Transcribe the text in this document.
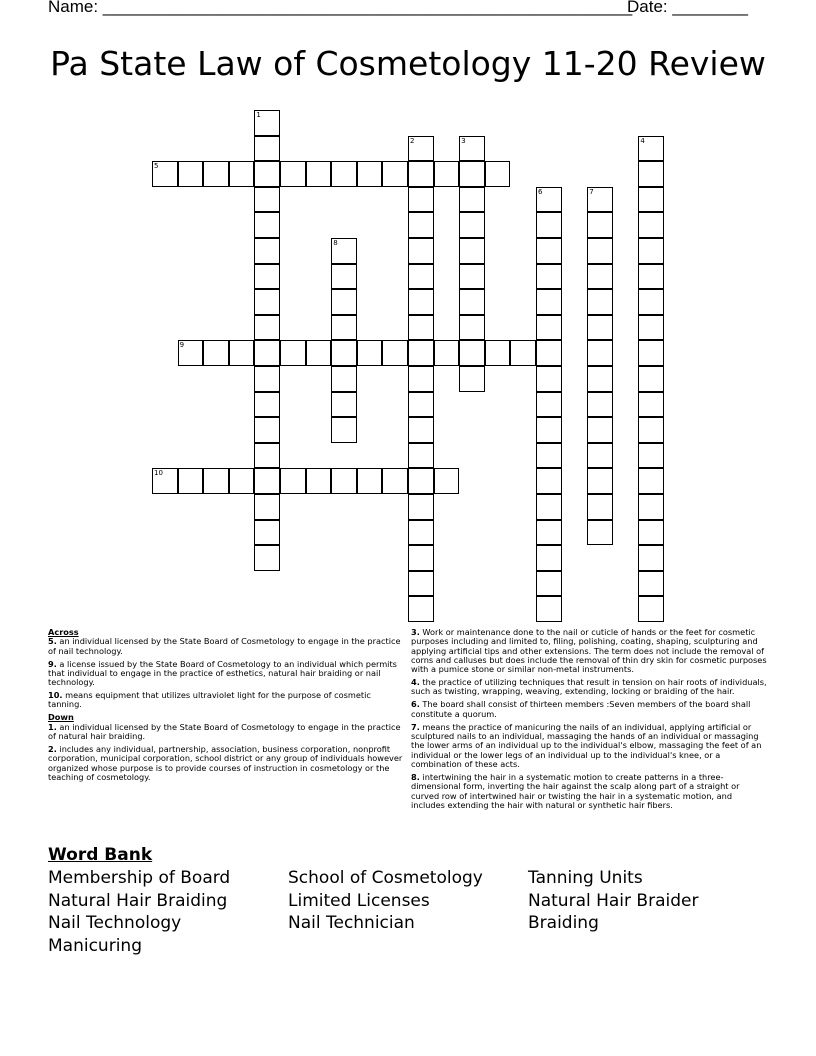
Name: ________________________________________________________
Date: ________
Pa State Law of Cosmetology 11-20 Review
1
2	3	4
5
6	7
8
9
10
Across

5. an individual licensed by the State Board of Cosmetology to engage in the practice of nail technology.

9. a license issued by the State Board of Cosmetology to an individual which permits that individual to engage in the practice of esthetics, natural hair braiding or nail technology.

10. means equipment that utilizes ultraviolet light for the purpose of cosmetic tanning.

Down

1. an individual licensed by the State Board of Cosmetology to engage in the practice of natural hair braiding.

2. includes any individual, partnership, association, business corporation, nonprofit corporation, municipal corporation, school district or any group of individuals however organized whose purpose is to provide courses of instruction in cosmetology or the teaching of cosmetology.

3. Work or maintenance done to the nail or cuticle of hands or the feet for cosmetic purposes including and limited to, filing, polishing, coating, shaping, sculpturing and applying artificial tips and other extensions. The term does not include the removal of corns and calluses but does include the removal of thin dry skin for cosmetic purposes with a pumice stone or similar non-metal instruments.

4. the practice of utilizing techniques that result in tension on hair roots of individuals, such as twisting, wrapping, weaving, extending, locking or braiding of the hair.

6. The board shall consist of thirteen members :Seven members of the board shall constitute a quorum.

7. means the practice of manicuring the nails of an individual, applying artificial or sculptured nails to an individual, massaging the hands of an individual or massaging the lower arms of an individual up to the individual's elbow, massaging the feet of an individual or the lower legs of an individual up to the individual's knee, or a combination of these acts.

8. intertwining the hair in a systematic motion to create patterns in a three-dimensional form, inverting the hair against the scalp along part of a straight or curved row of intertwined hair or twisting the hair in a systematic motion, and includes extending the hair with natural or synthetic hair fibers.

Word Bank
Membership of Board	School of Cosmetology	Tanning Units
Natural Hair Braiding	Limited Licenses	Natural Hair Braider
Nail Technology	Nail Technician	Braiding
Manicuring
